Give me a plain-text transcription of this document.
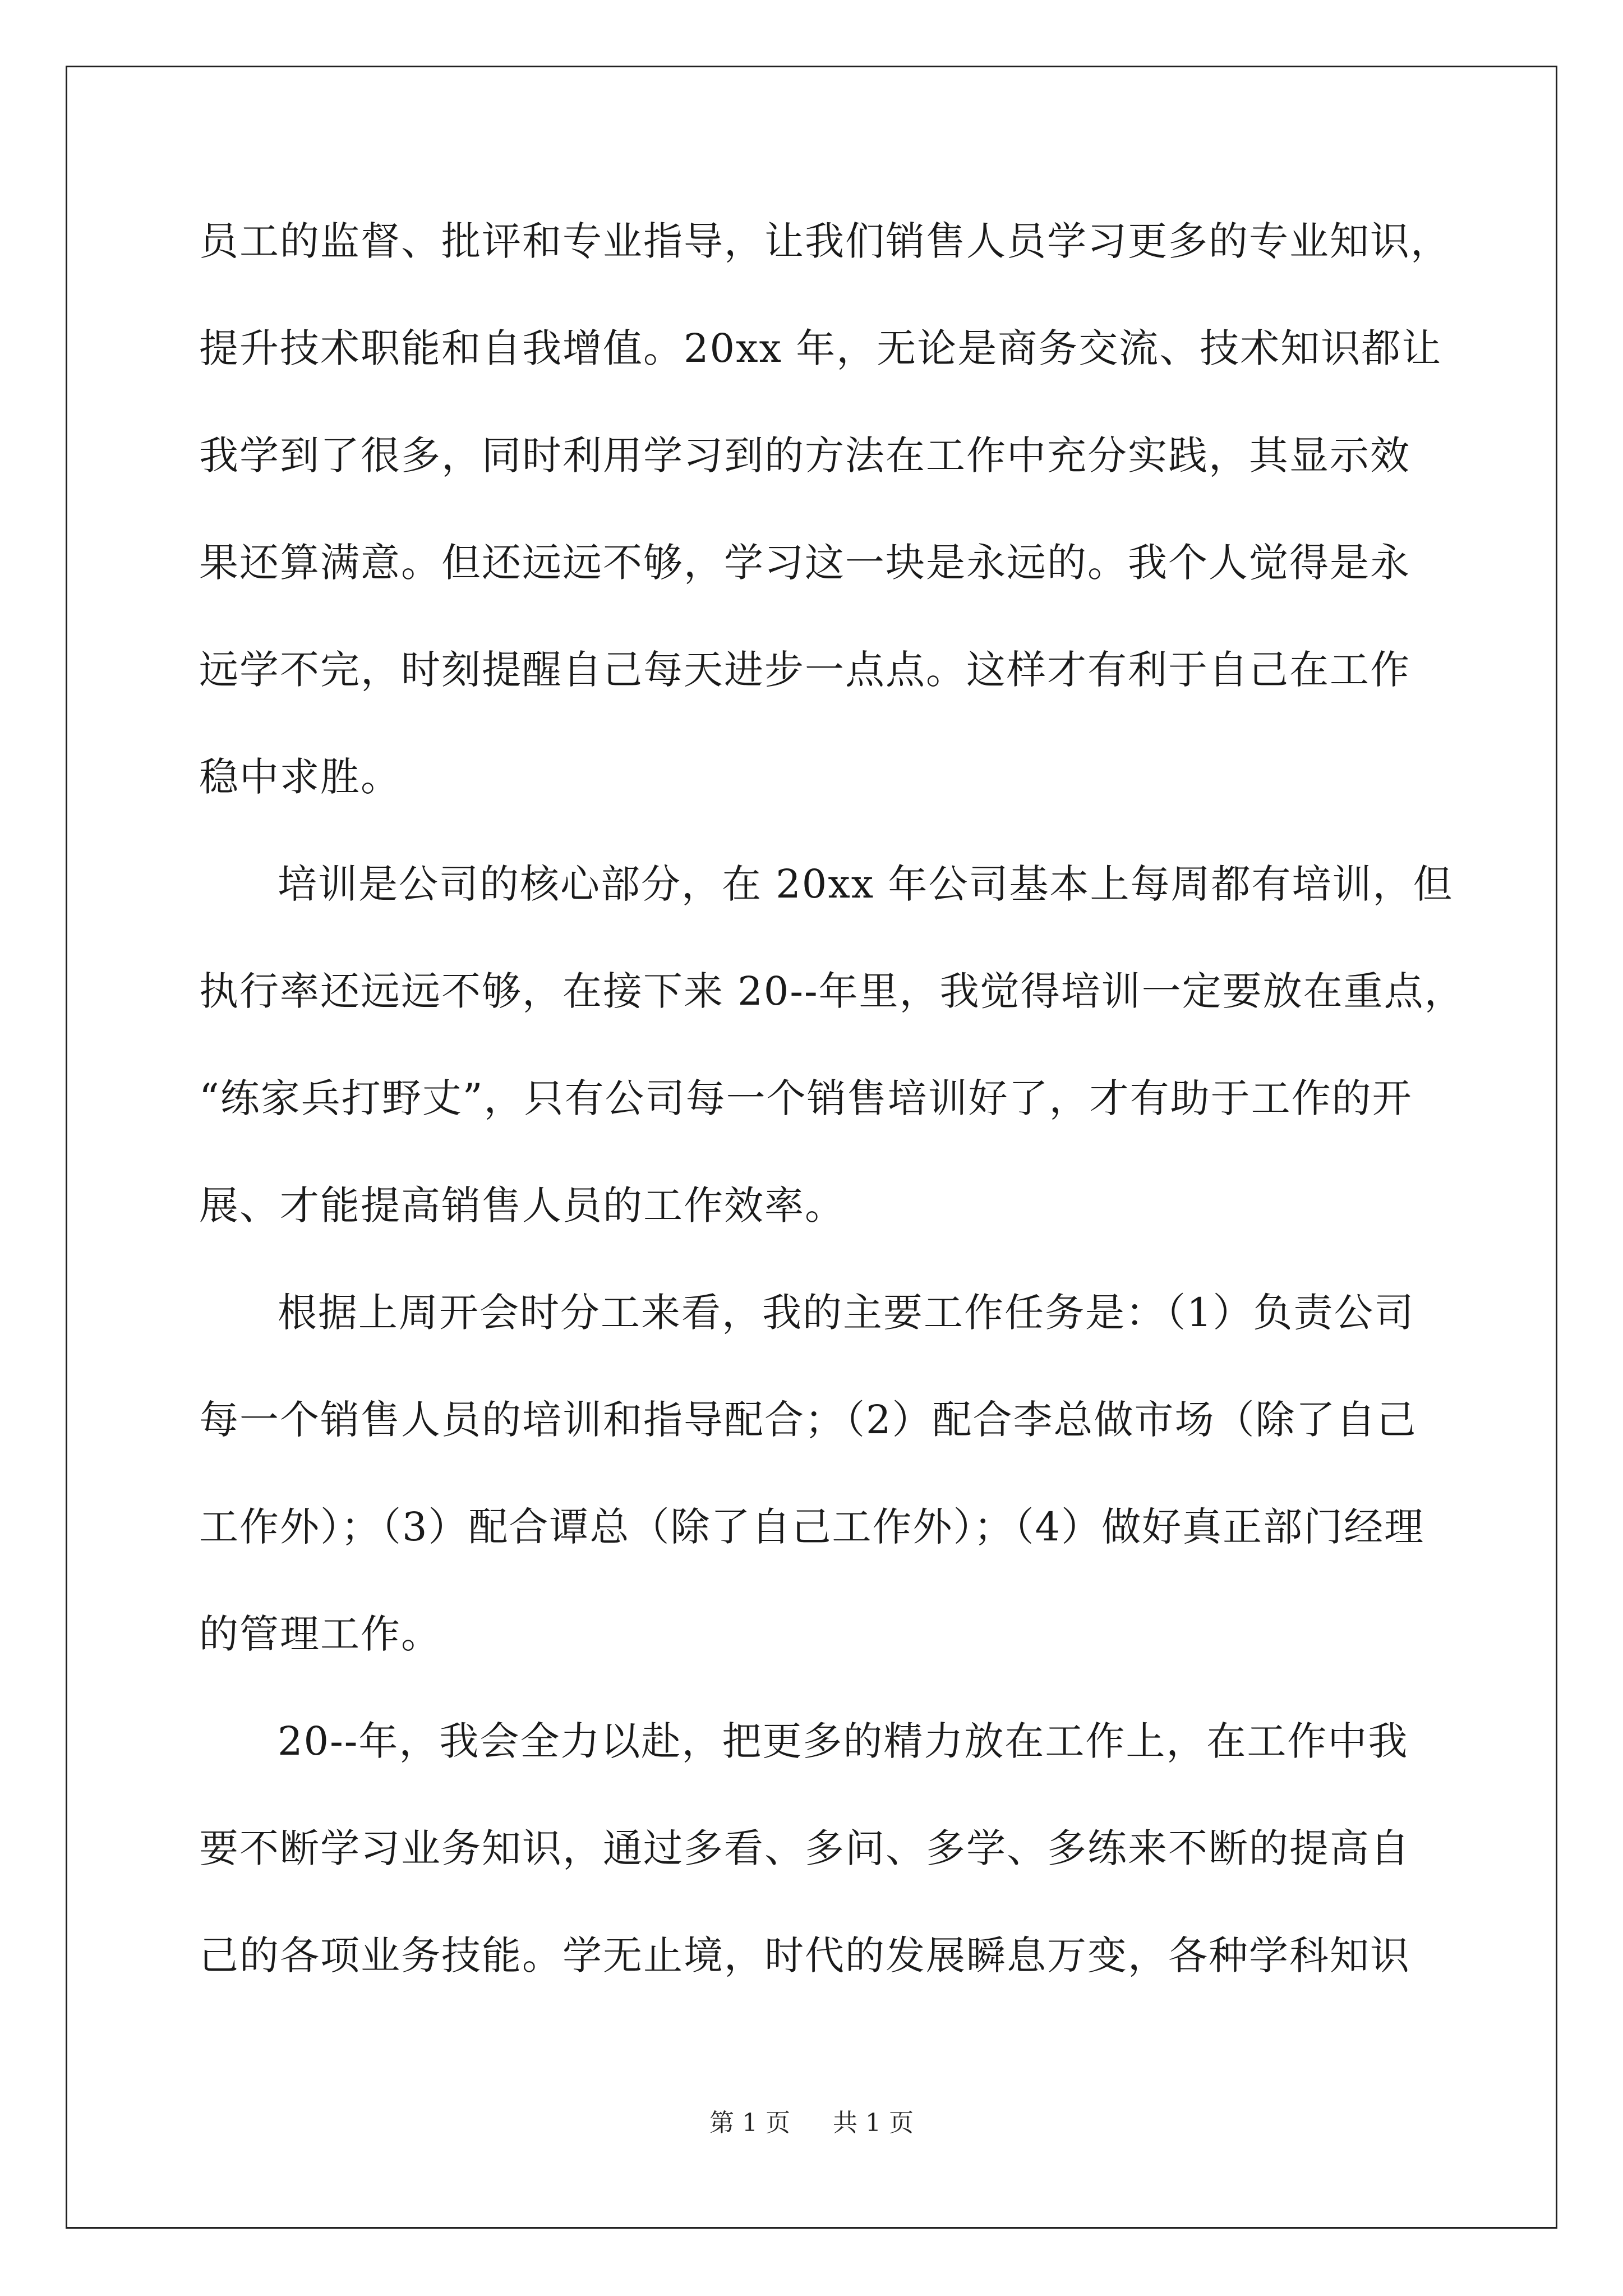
员工的监督、批评和专业指导，让我们销售人员学习更多的专业知识，
提升技术职能和自我增值。20xx 年，无论是商务交流、技术知识都让
我学到了很多，同时利用学习到的方法在工作中充分实践，其显示效
果还算满意。但还远远不够，学习这一块是永远的。我个人觉得是永
远学不完，时刻提醒自己每天进步一点点。这样才有利于自己在工作
稳中求胜。
培训是公司的核心部分，在 20xx 年公司基本上每周都有培训，但
执行率还远远不够，在接下来 20--年里，我觉得培训一定要放在重点，
“练家兵打野丈”，只有公司每一个销售培训好了，才有助于工作的开
展、才能提高销售人员的工作效率。
根据上周开会时分工来看，我的主要工作任务是：（1）负责公司
每一个销售人员的培训和指导配合；（2）配合李总做市场（除了自己
工作外）；（3）配合谭总（除了自己工作外）；（4）做好真正部门经理
的管理工作。
20--年，我会全力以赴，把更多的精力放在工作上，在工作中我
要不断学习业务知识，通过多看、多问、多学、多练来不断的提高自
己的各项业务技能。学无止境，时代的发展瞬息万变，各种学科知识
第 1 页 共 1 页
